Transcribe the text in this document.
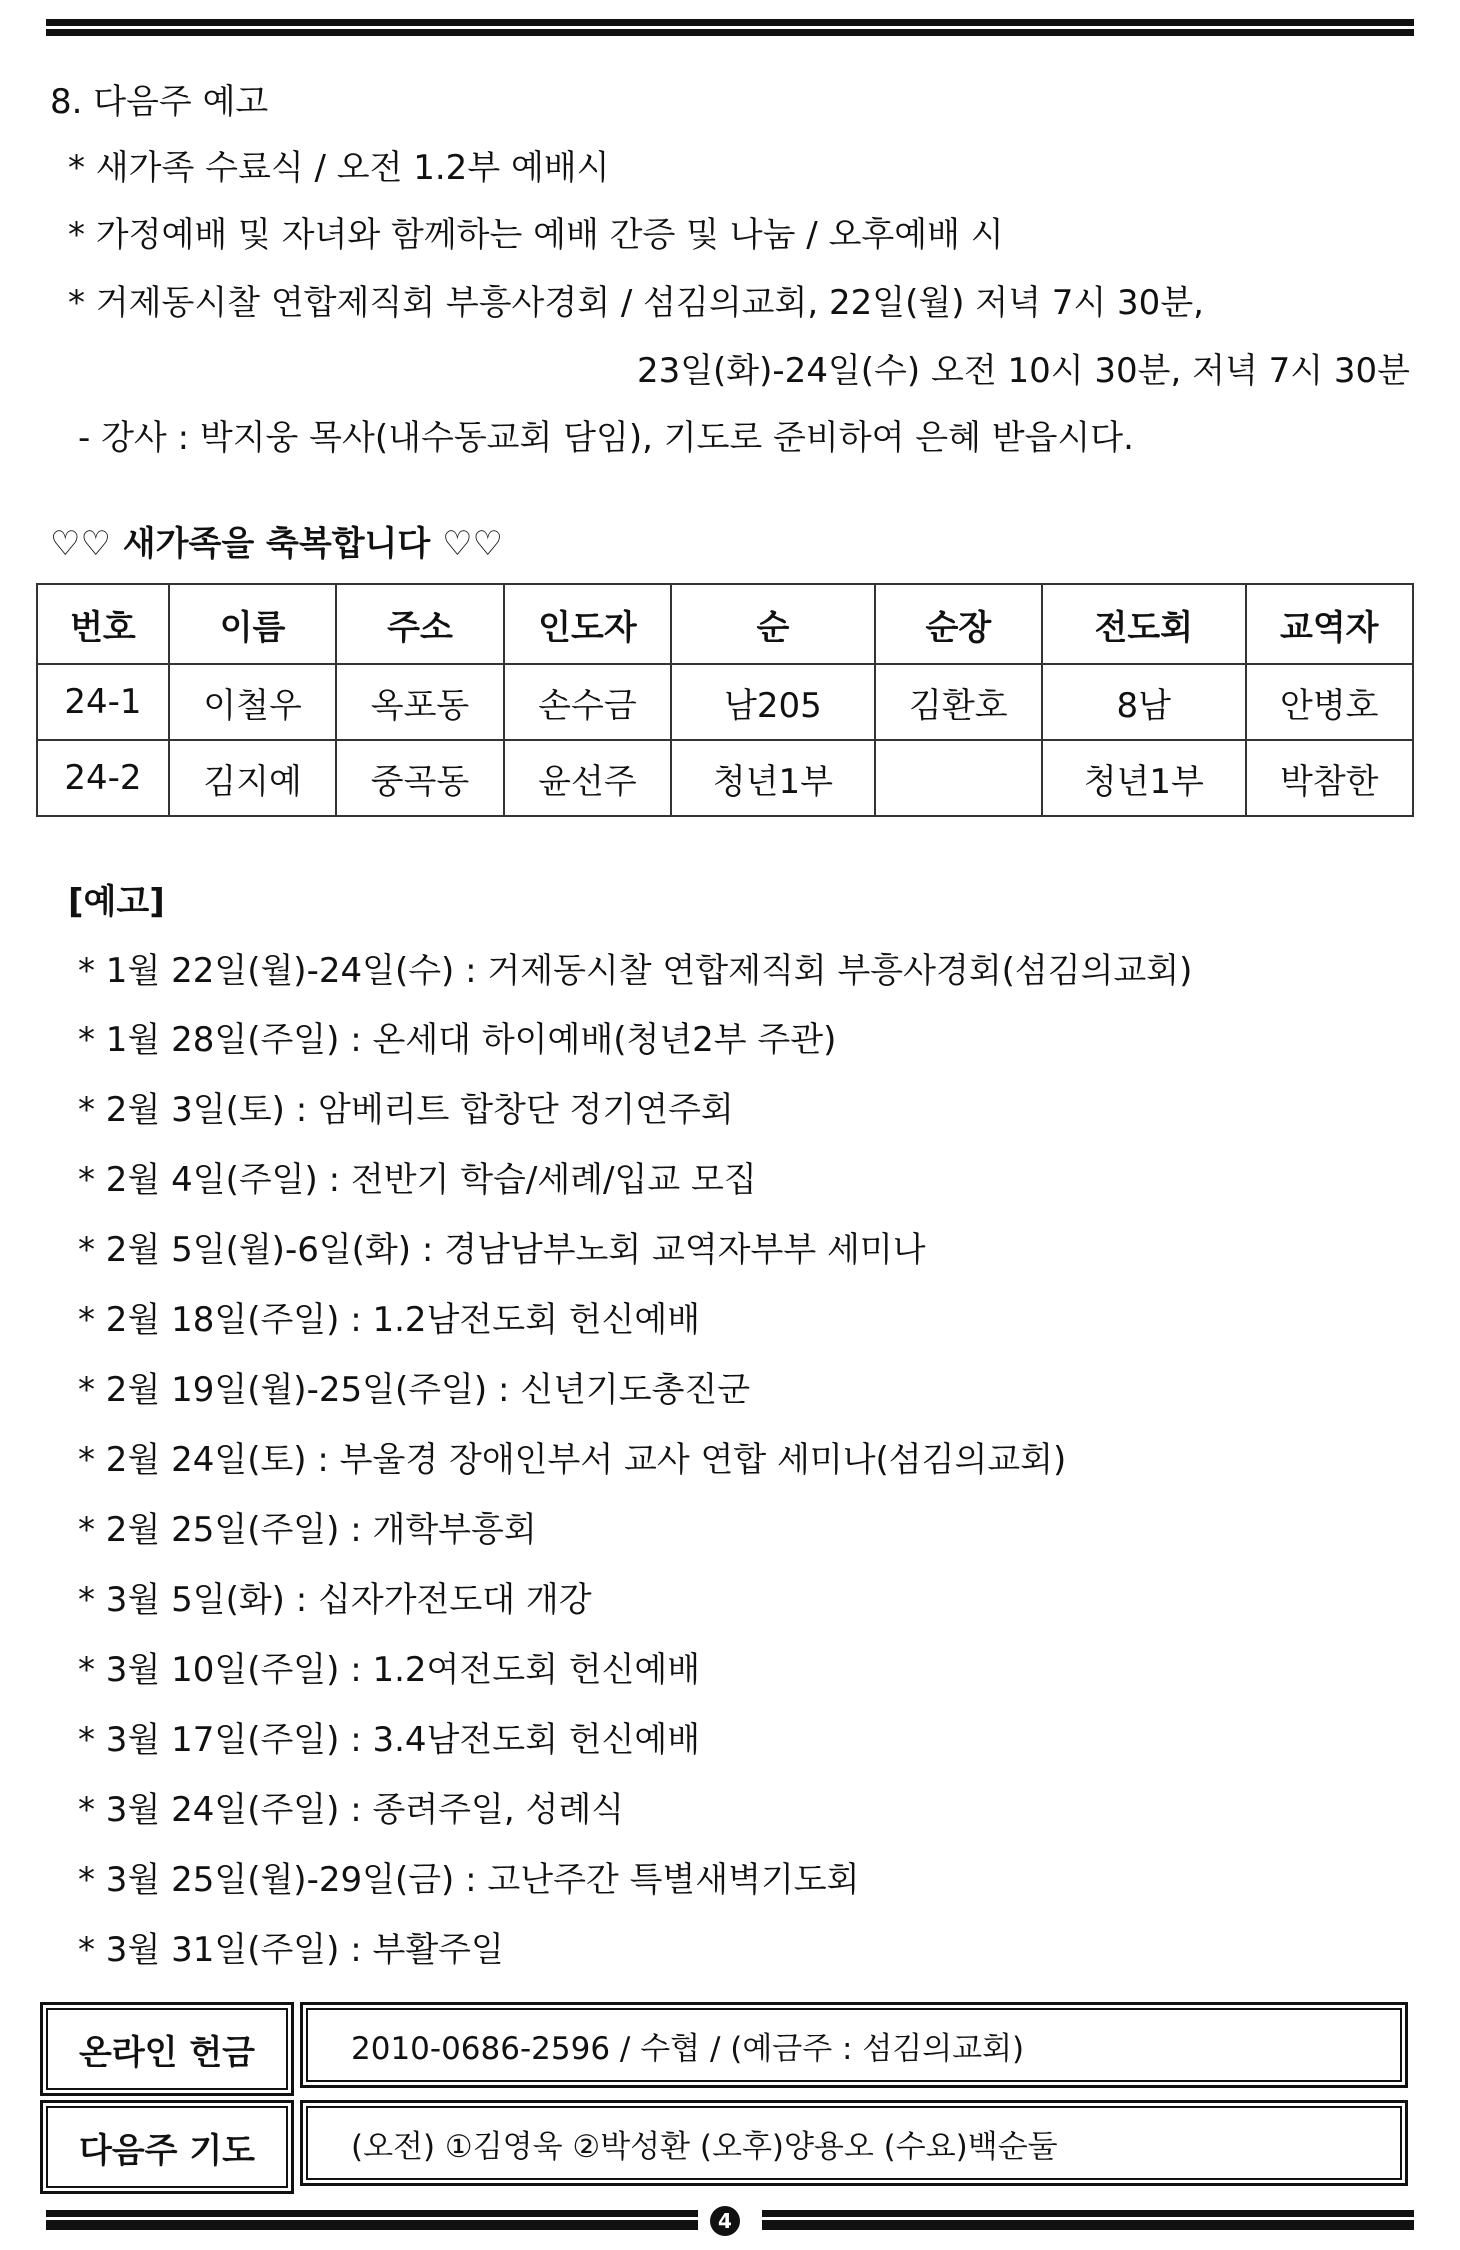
8. 다음주 예고
* 새가족 수료식 / 오전 1.2부 예배시
* 가정예배 및 자녀와 함께하는 예배 간증 및 나눔 / 오후예배 시
* 거제동시찰 연합제직회 부흥사경회 / 섬김의교회, 22일(월) 저녁 7시 30분,
23일(화)-24일(수) 오전 10시 30분, 저녁 7시 30분
- 강사 : 박지웅 목사(내수동교회 담임), 기도로 준비하여 은혜 받읍시다.
♡♡ 새가족을 축복합니다 ♡♡
번호	이름	주소	인도자	순	순장	전도회	교역자
24-1	이철우	옥포동	손수금	남205	김환호	8남	안병호
24-2	김지예	중곡동	윤선주	청년1부		청년1부	박참한
[예고]
* 1월 22일(월)-24일(수) : 거제동시찰 연합제직회 부흥사경회(섬김의교회)
* 1월 28일(주일) : 온세대 하이예배(청년2부 주관)
* 2월 3일(토) : 암베리트 합창단 정기연주회
* 2월 4일(주일) : 전반기 학습/세례/입교 모집
* 2월 5일(월)-6일(화) : 경남남부노회 교역자부부 세미나
* 2월 18일(주일) : 1.2남전도회 헌신예배
* 2월 19일(월)-25일(주일) : 신년기도총진군
* 2월 24일(토) : 부울경 장애인부서 교사 연합 세미나(섬김의교회)
* 2월 25일(주일) : 개학부흥회
* 3월 5일(화) : 십자가전도대 개강
* 3월 10일(주일) : 1.2여전도회 헌신예배
* 3월 17일(주일) : 3.4남전도회 헌신예배
* 3월 24일(주일) : 종려주일, 성례식
* 3월 25일(월)-29일(금) : 고난주간 특별새벽기도회
* 3월 31일(주일) : 부활주일
온라인 헌금	2010-0686-2596 / 수협 / (예금주 : 섬김의교회)
다음주 기도	(오전) ①김영욱 ②박성환 (오후)양용오 (수요)백순둘
4
